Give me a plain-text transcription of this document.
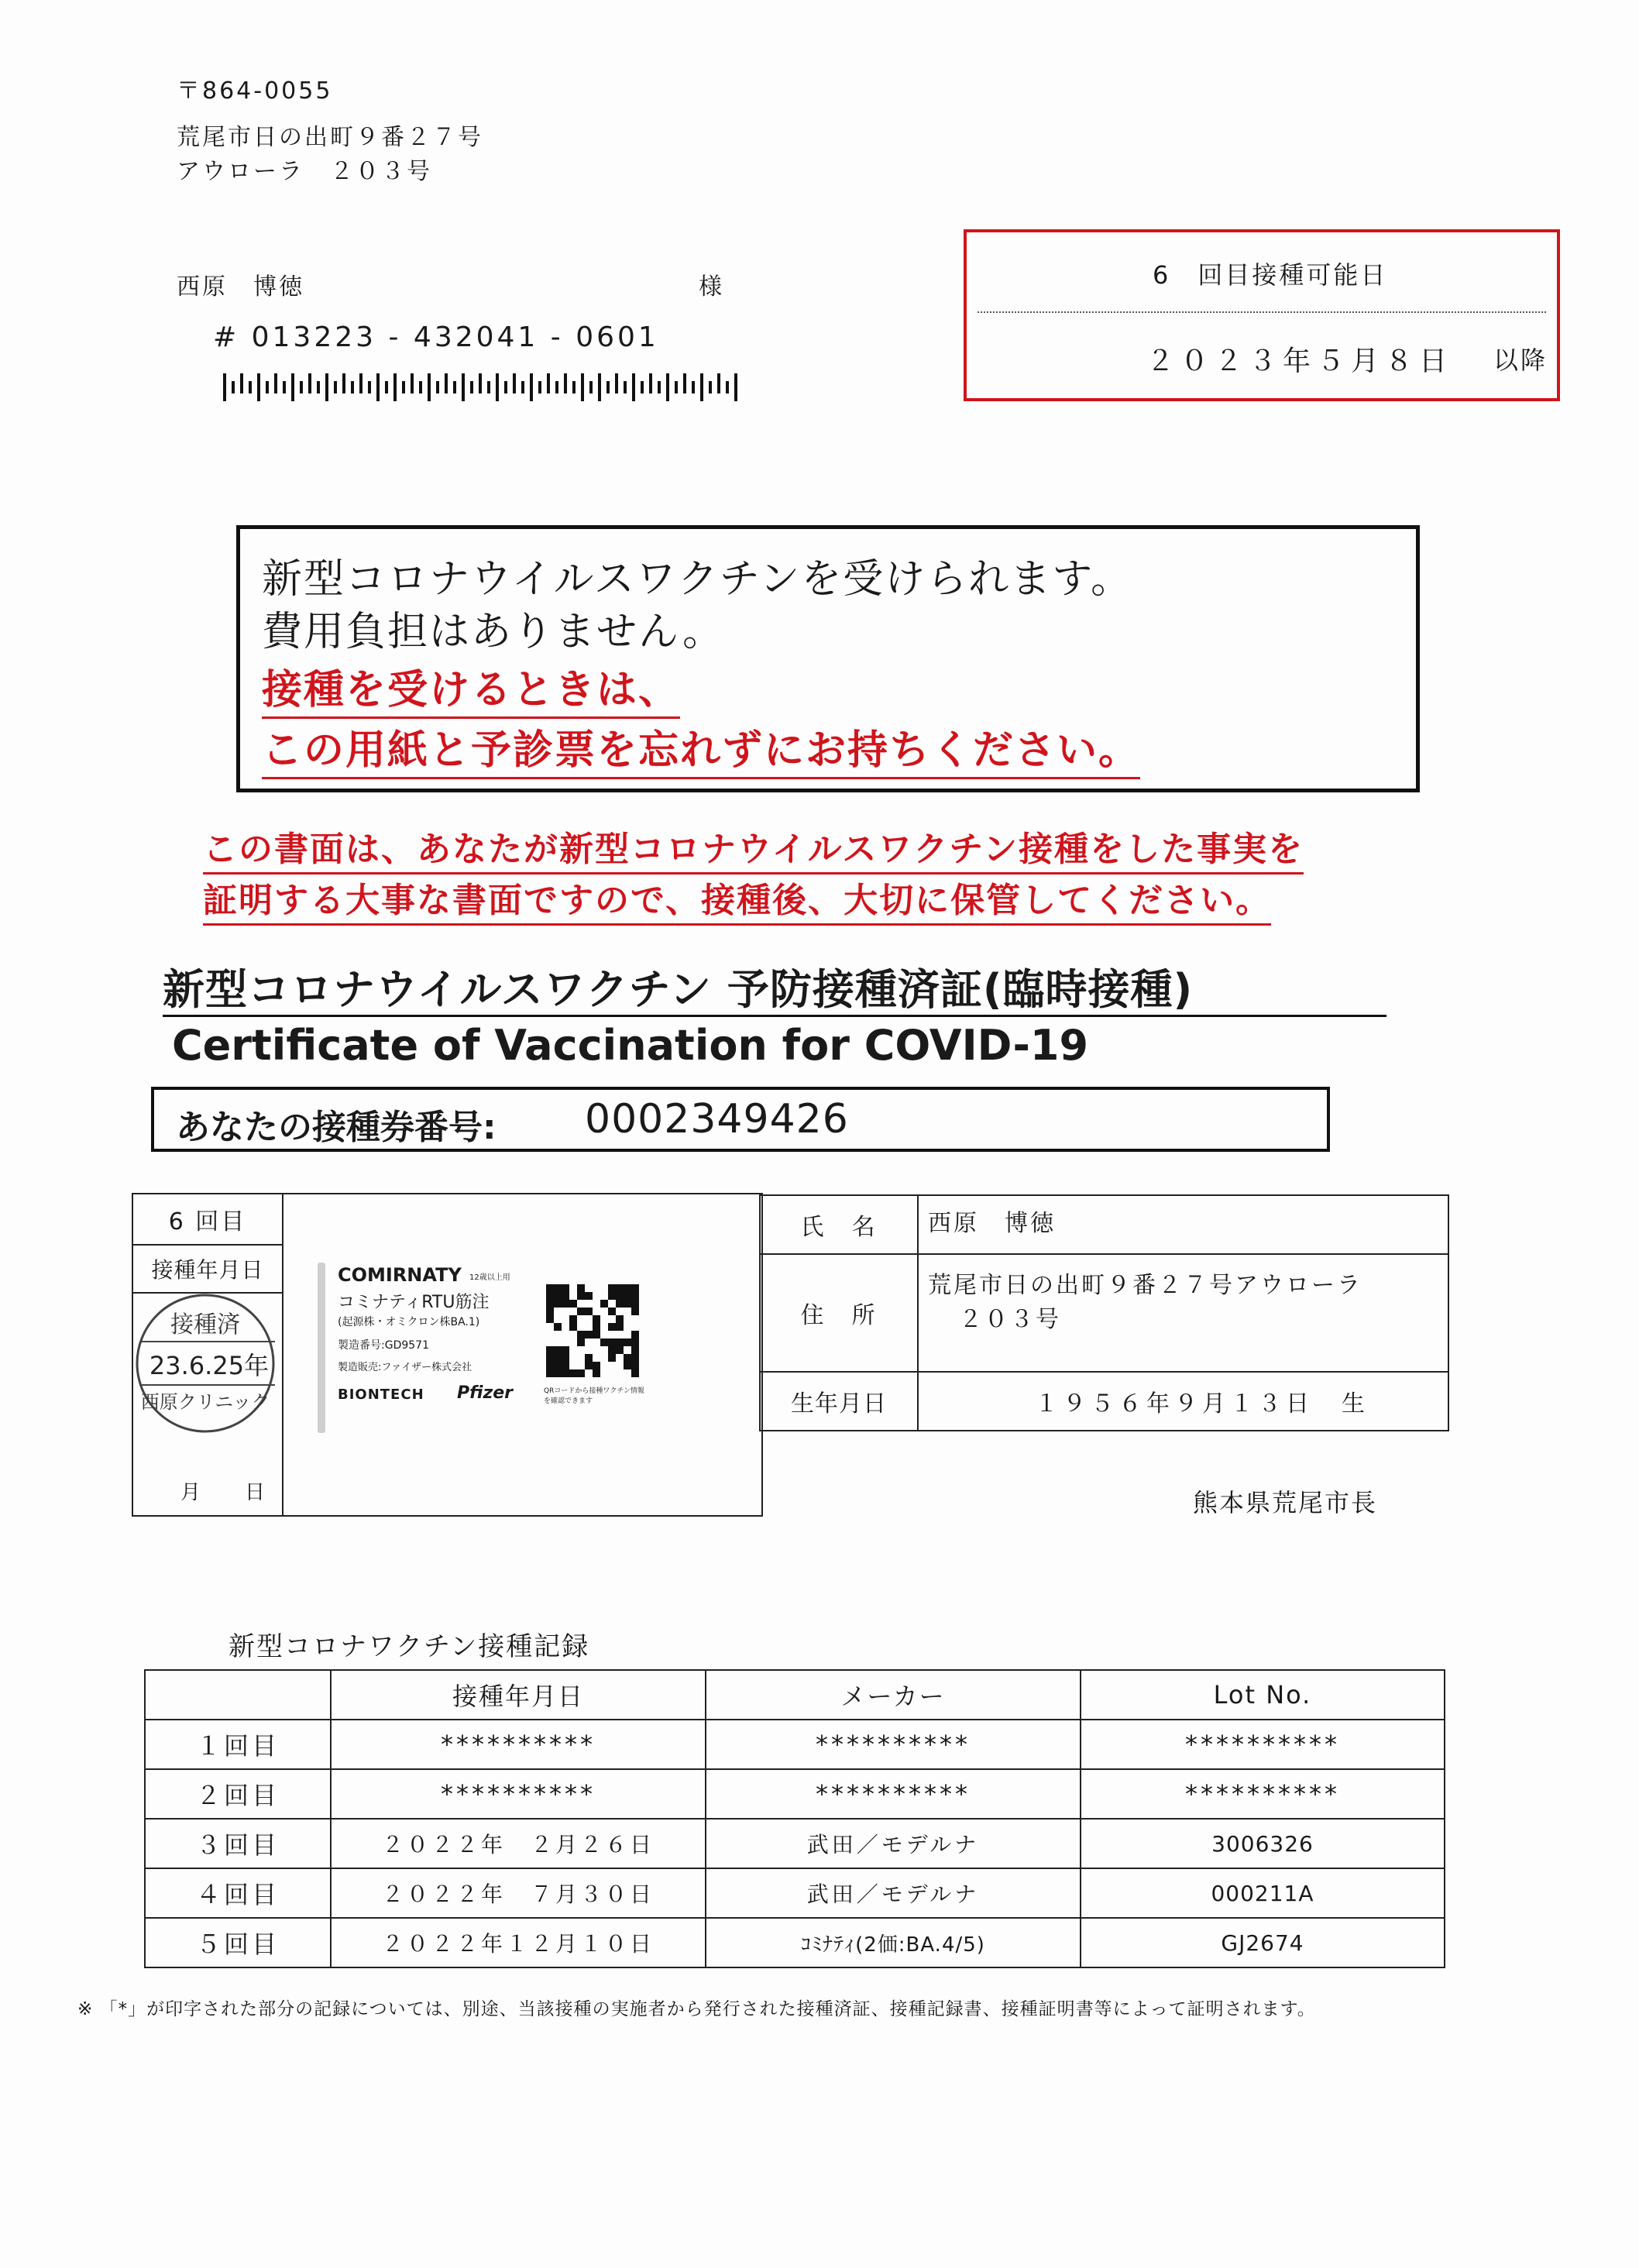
〒864-0055
荒尾市日の出町９番２７号
アウローラ　２０３号
西原　博徳	様
# 013223 - 432041 - 0601
6　回目接種可能日
２０２３年５月８日 以降
新型コロナウイルスワクチンを受けられます。
費用負担はありません。
接種を受けるときは、
この用紙と予診票を忘れずにお持ちください。
この書面は、あなたが新型コロナウイルスワクチン接種をした事実を
証明する大事な書面ですので、接種後、大切に保管してください。
新型コロナウイルスワクチン 予防接種済証(臨時接種)
Certificate of Vaccination for COVID-19
あなたの接種券番号: 0002349426
6 回目	
接種年月日

月 日
接種済
23.6.25年
西原クリニック
COMIRNATY 12歳以上用
コミナティRTU筋注
(起源株・オミクロン株BA.1)
製造番号:GD9571
製造販売:ファイザー株式会社
BIONTECH Pfizer	QRコードから接種ワクチン情報
を確認できます
氏　名	西原　博徳
住　所	荒尾市日の出町９番２７号アウローラ
２０３号

生年月日	１９５６年９月１３日　生
熊本県荒尾市長
新型コロナワクチン接種記録
	接種年月日	メーカー	Lot No.
１回目	**********	**********	**********
２回目	**********	**********	**********
３回目	２０２２年　２月２６日	武田／モデルナ	3006326
４回目	２０２２年　７月３０日	武田／モデルナ	000211A
５回目	２０２２年１２月１０日	ｺﾐﾅﾃｨ(2価:BA.4/5)	GJ2674
※ 「*」が印字された部分の記録については、別途、当該接種の実施者から発行された接種済証、接種記録書、接種証明書等によって証明されます。
